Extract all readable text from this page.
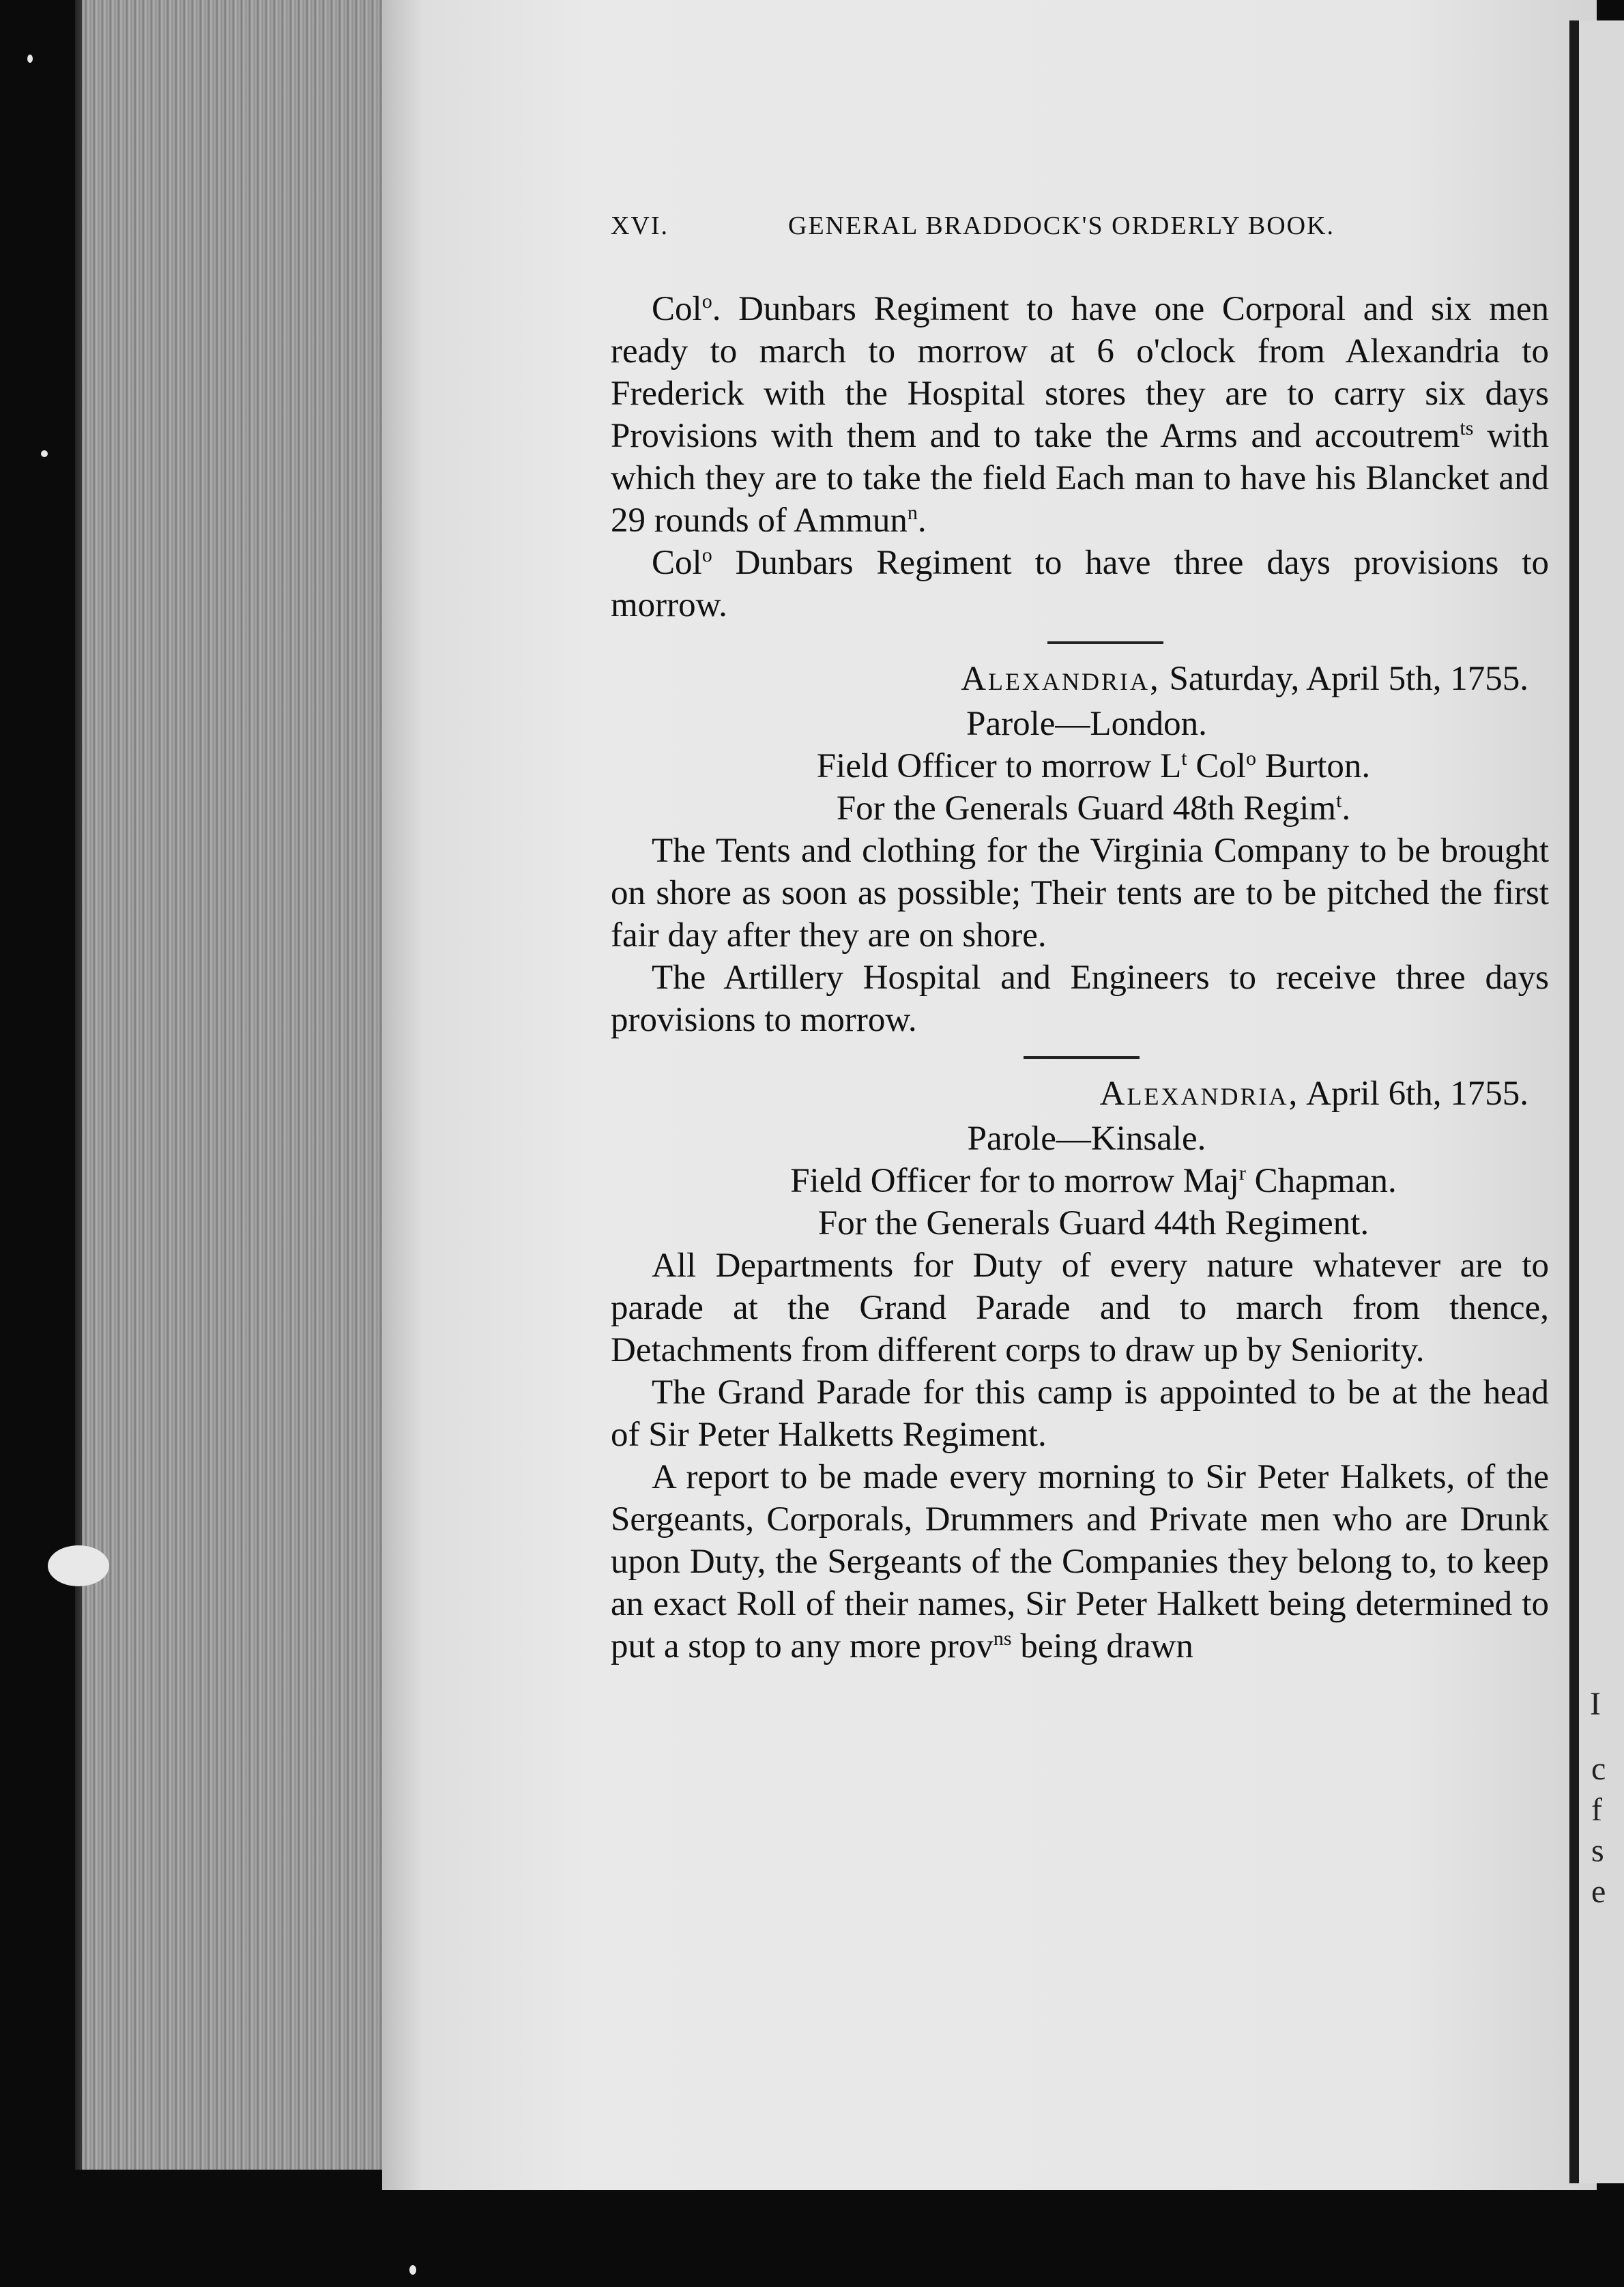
I
c
f
s
e
XVI.	GENERAL BRADDOCK'S ORDERLY BOOK.

Col$^o$. Dunbars Regiment to have one Corporal and six men ready to march to morrow at 6 o'clock from Alexandria to Frederick with the Hospital stores they are to carry six days Provisions with them and to take the Arms and accoutrem$^{ts}$ with which they are to take the field Each man to have his Blancket and 29 rounds of Ammun$^n$.

Col$^o$ Dunbars Regiment to have three days provisions to morrow.

Alexandria, Saturday, April 5th, 1755.
Parole—London.
Field Officer to morrow $L^t$ Col$^o$ Burton.
For the Generals Guard 48th Regim$^t$.

The Tents and clothing for the Virginia Company to be brought on shore as soon as possible; Their tents are to be pitched the first fair day after they are on shore.

The Artillery Hospital and Engineers to receive three days provisions to morrow.

Alexandria, April 6th, 1755.
Parole—Kinsale.
Field Officer for to morrow Maj$^r$ Chapman.
For the Generals Guard 44th Regiment.

All Departments for Duty of every nature whatever are to parade at the Grand Parade and to march from thence, Detachments from different corps to draw up by Seniority.

The Grand Parade for this camp is appointed to be at the head of Sir Peter Halketts Regiment.

A report to be made every morning to Sir Peter Halkets, of the Sergeants, Corporals, Drummers and Private men who are Drunk upon Duty, the Sergeants of the Companies they belong to, to keep an exact Roll of their names, Sir Peter Halkett being determined to put a stop to any more prov$^{ns}$ being drawn
